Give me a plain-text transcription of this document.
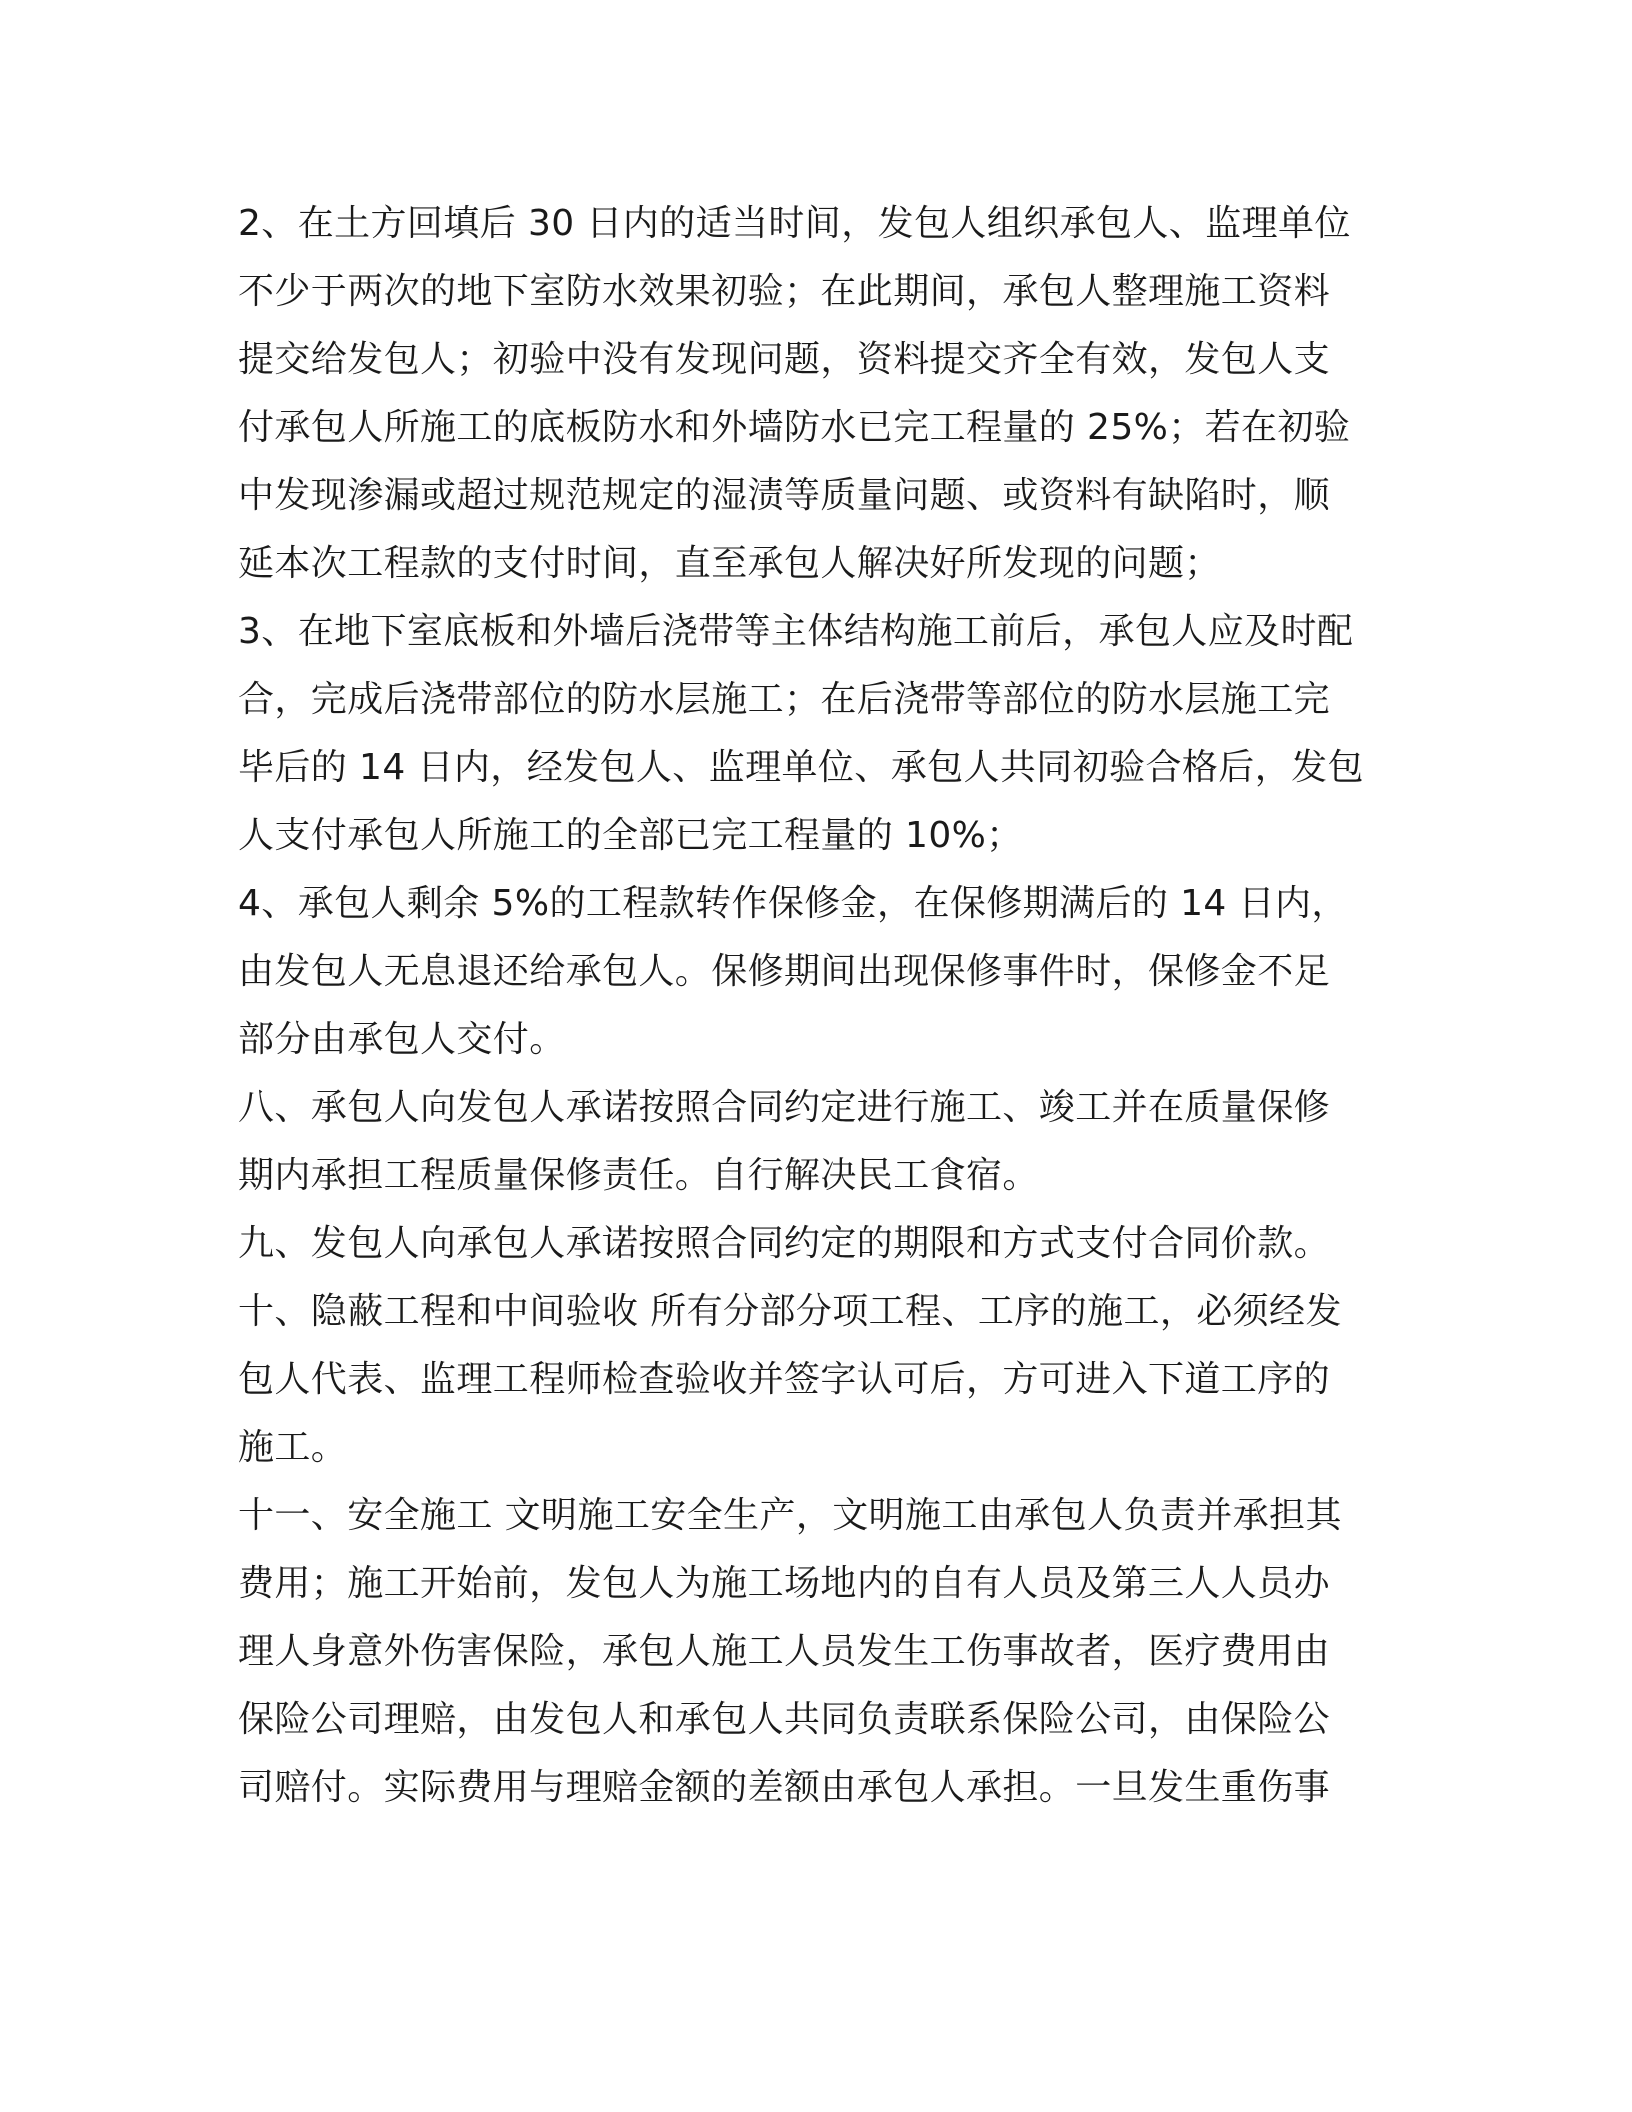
2、在土方回填后 30 日内的适当时间，发包人组织承包人、监理单位
不少于两次的地下室防水效果初验；在此期间，承包人整理施工资料
提交给发包人；初验中没有发现问题，资料提交齐全有效，发包人支
付承包人所施工的底板防水和外墙防水已完工程量的 25%；若在初验
中发现渗漏或超过规范规定的湿渍等质量问题、或资料有缺陷时，顺
延本次工程款的支付时间，直至承包人解决好所发现的问题；
3、在地下室底板和外墙后浇带等主体结构施工前后，承包人应及时配
合，完成后浇带部位的防水层施工；在后浇带等部位的防水层施工完
毕后的 14 日内，经发包人、监理单位、承包人共同初验合格后，发包
人支付承包人所施工的全部已完工程量的 10%；
4、承包人剩余 5%的工程款转作保修金，在保修期满后的 14 日内，
由发包人无息退还给承包人。保修期间出现保修事件时，保修金不足
部分由承包人交付。
八、承包人向发包人承诺按照合同约定进行施工、竣工并在质量保修
期内承担工程质量保修责任。自行解决民工食宿。
九、发包人向承包人承诺按照合同约定的期限和方式支付合同价款。
十、隐蔽工程和中间验收 所有分部分项工程、工序的施工，必须经发
包人代表、监理工程师检查验收并签字认可后，方可进入下道工序的
施工。
十一、安全施工 文明施工安全生产，文明施工由承包人负责并承担其
费用；施工开始前，发包人为施工场地内的自有人员及第三人人员办
理人身意外伤害保险，承包人施工人员发生工伤事故者，医疗费用由
保险公司理赔，由发包人和承包人共同负责联系保险公司，由保险公
司赔付。实际费用与理赔金额的差额由承包人承担。一旦发生重伤事
